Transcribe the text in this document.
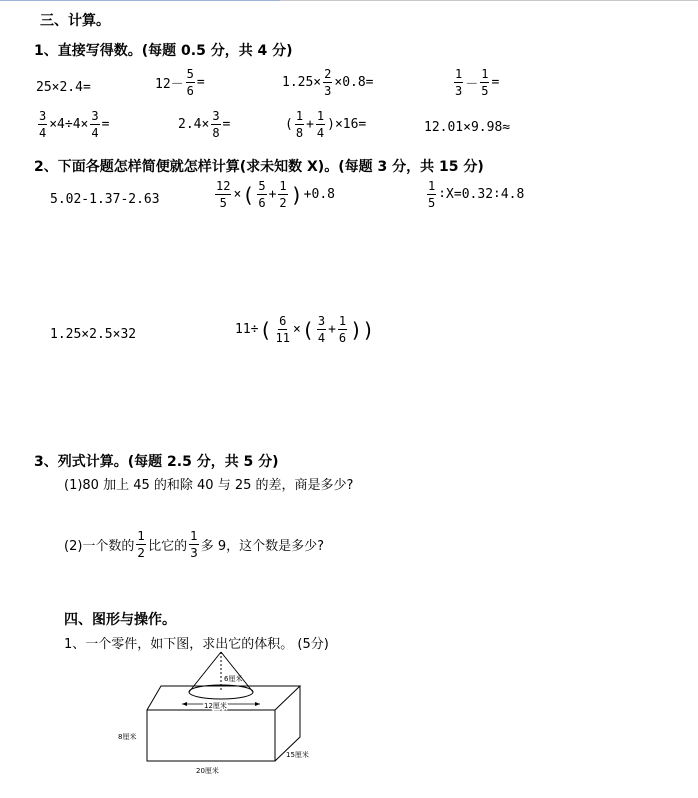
三、计算。
1、直接写得数。(每题 0.5 分，共 4 分)
25×2.4=	$12- \frac{5}{6}$ =	$1.25\times \frac{2}{3} \times 0.8=$	$\frac{1}{3} - \frac{1}{5}$ =
$\frac{3}{4} \times 4\div 4\times \frac{3}{4}$ =	$2.4\times \frac{3}{8}$ =	( $\frac{1}{8} + \frac{1}{4} )\times 16=$	12.01×9.98≈
2、下面各题怎样简便就怎样计算(求未知数 X)。(每题 3 分，共 15 分)
5.02-1.37-2.63	$\frac{12}{5}$ × ( $\frac{5}{6} + \frac{1}{2}$ ) +0.8	$\frac{1}{5}$ ∶X=0.32∶4.8
1.25×2.5×32	11÷ ( $\frac{6}{11}$ × ( $\frac{3}{4} + \frac{1}{6}$ ))
3、列式计算。(每题 2.5 分，共 5 分)
(1)80 加上 45 的和除 40 与 25 的差，商是多少?
(2)一个数的 $\frac{1}{2}$ 比它的 $\frac{1}{3}$ 多 9，这个数是多少?
四、图形与操作。
1、一个零件，如下图，求出它的体积。 (5分)
6厘米
12厘米
8厘米
15厘米
20厘米
